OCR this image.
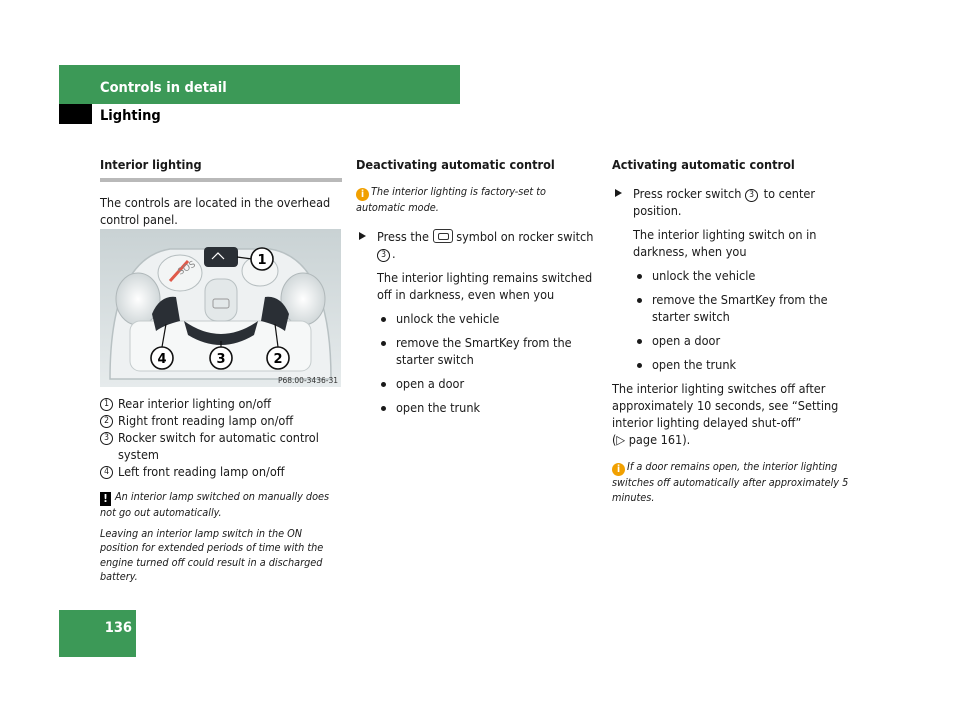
Controls in detail
Lighting
Interior lighting

The controls are located in the overhead control panel.

1 Rear interior lighting on/off
2 Right front reading lamp on/off
3 Rocker switch for automatic control system
4 Left front reading lamp on/off

! An interior lamp switched on manually does not go out automatically.

Leaving an interior lamp switch in the ON position for extended periods of time with the engine turned off could result in a discharged battery.

SOS	1
4	3	2
P68.00-3436-31
Deactivating automatic control

i The interior lighting is factory-set to automatic mode.

Press the symbol on rocker switch 3 .
The interior lighting remains switched off in darkness, even when you
unlock the vehicle
remove the SmartKey from the starter switch
open a door
open the trunk
Activating automatic control
Press rocker switch 3 to center position.
The interior lighting switch on in darkness, when you
unlock the vehicle
remove the SmartKey from the starter switch
open a door
open the trunk

The interior lighting switches off after approximately 10 seconds, see “Setting interior lighting delayed shut-off”

(▷ page 161).

i If a door remains open, the interior lighting switches off automatically after approximately 5 minutes.

136
